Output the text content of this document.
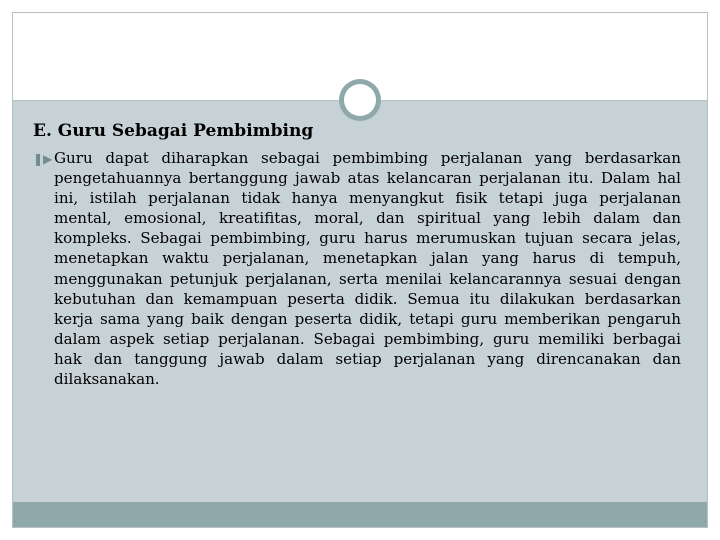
E. Guru Sebagai Pembimbing
❚▶ Guru dapat diharapkan sebagai pembimbing perjalanan yang berdasarkan pengetahuannya bertanggung jawab atas kelancaran perjalanan itu. Dalam hal ini, istilah perjalanan tidak hanya menyangkut fisik tetapi juga perjalanan mental, emosional, kreatifitas, moral, dan spiritual yang lebih dalam dan kompleks. Sebagai pembimbing, guru harus merumuskan tujuan secara jelas, menetapkan waktu perjalanan, menetapkan jalan yang harus di tempuh, menggunakan petunjuk perjalanan, serta menilai kelancarannya sesuai dengan kebutuhan dan kemampuan peserta didik. Semua itu dilakukan berdasarkan kerja sama yang baik dengan peserta didik, tetapi guru memberikan pengaruh dalam aspek setiap perjalanan. Sebagai pembimbing, guru memiliki berbagai hak dan tanggung jawab dalam setiap perjalanan yang direncanakan dan dilaksanakan.
